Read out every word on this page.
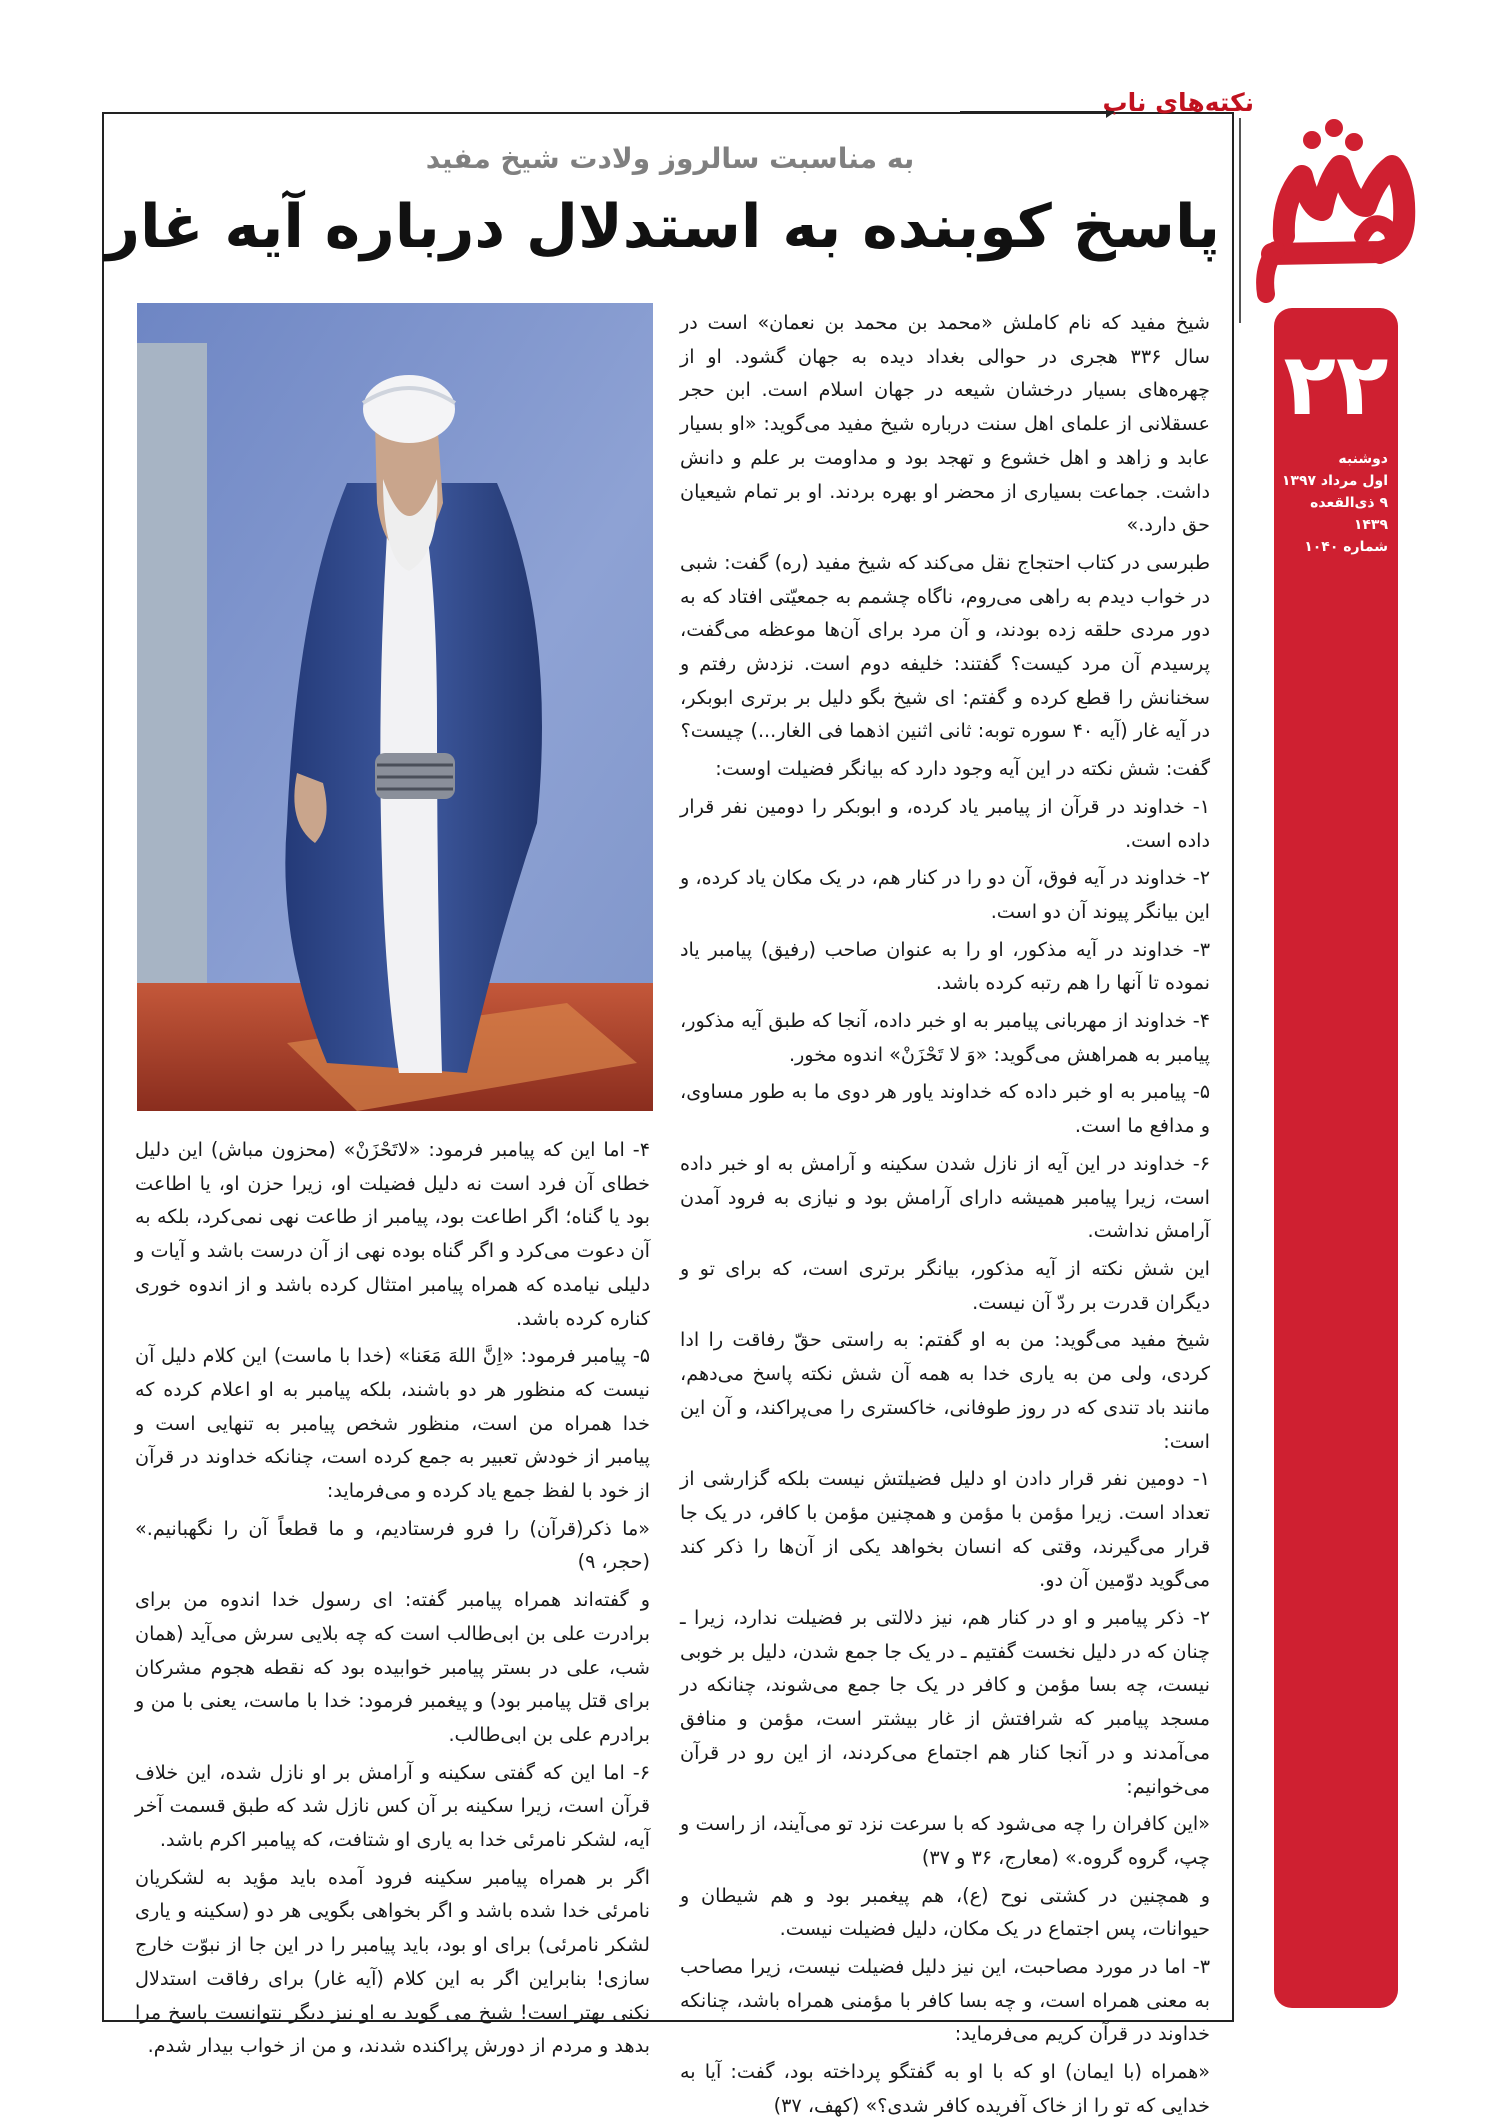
نکته‌های ناب
۲۲
دوشنبه
اول مرداد ۱۳۹۷
۹ ذی‌القعده ۱۴۳۹
شماره ۱۰۴۰
به مناسبت سالروز ولادت شیخ مفید
پاسخ کوبنده به استدلال درباره آیه غار

شیخ مفید که نام کاملش «محمد بن محمد بن نعمان» است در سال ۳۳۶ هجری در حوالی بغداد دیده به جهان گشود. او از چهره‌های بسیار درخشان شیعه در جهان اسلام است. ابن حجر عسقلانی از علمای اهل سنت درباره شیخ مفید می‌گوید: «او بسیار عابد و زاهد و اهل خشوع و تهجد بود و مداومت بر علم و دانش داشت. جماعت بسیاری از محضر او بهره بردند. او بر تمام شیعیان حق دارد.»

طبرسی در کتاب احتجاج نقل می‌کند که شیخ مفید (ره) گفت: شبی در خواب دیدم به راهی می‌روم، ناگاه چشمم به جمعیّتی افتاد که به دور مردی حلقه زده بودند، و آن مرد برای آن‌ها موعظه می‌گفت، پرسیدم آن مرد کیست؟ گفتند: خلیفه دوم است. نزدش رفتم و سخنانش را قطع کرده و گفتم: ای شیخ بگو دلیل بر برتری ابوبکر، در آیه غار (آیه ۴۰ سوره توبه: ثانی اثنین اذهما فی الغار...) چیست؟

گفت: شش نکته در این آیه وجود دارد که بیانگر فضیلت اوست:

۱- خداوند در قرآن از پیامبر یاد کرده، و ابوبکر را دومین نفر قرار داده است.

۲- خداوند در آیه فوق، آن دو را در کنار هم، در یک مکان یاد کرده، و این بیانگر پیوند آن دو است.

۳- خداوند در آیه مذکور، او را به عنوان صاحب (رفیق) پیامبر یاد نموده تا آنها را هم رتبه کرده باشد.

۴- خداوند از مهربانی پیامبر به او خبر داده، آنجا که طبق آیه مذکور، پیامبر به همراهش می‌گوید: «وَ لا تَحْزَنْ» اندوه مخور.

۵- پیامبر به او خبر داده که خداوند یاور هر دوی ما به طور مساوی، و مدافع ما است.

۶- خداوند در این آیه از نازل شدن سکینه و آرامش به او خبر داده است، زیرا پیامبر همیشه دارای آرامش بود و نیازی به فرود آمدن آرامش نداشت.

این شش نکته از آیه مذکور، بیانگر برتری است، که برای تو و دیگران قدرت بر ردّ آن نیست.

شیخ مفید می‌گوید: من به او گفتم: به راستی حقّ رفاقت را ادا کردی، ولی من به یاری خدا به همه آن شش نکته پاسخ می‌دهم، مانند باد تندی که در روز طوفانی، خاکستری را می‌پراکند، و آن این است:

۱- دومین نفر قرار دادن او دلیل فضیلتش نیست بلکه گزارشی از تعداد است. زیرا مؤمن با مؤمن و همچنین مؤمن با کافر، در یک جا قرار می‌گیرند، وقتی که انسان بخواهد یکی از آن‌ها را ذکر کند می‌گوید دوّمین آن دو.

۲- ذکر پیامبر و او در کنار هم، نیز دلالتی بر فضیلت ندارد، زیرا ـ چنان که در دلیل نخست گفتیم ـ در یک جا جمع شدن، دلیل بر خوبی نیست، چه بسا مؤمن و کافر در یک جا جمع می‌شوند، چنانکه در مسجد پیامبر که شرافتش از غار بیشتر است، مؤمن و منافق می‌آمدند و در آنجا کنار هم اجتماع می‌کردند، از این رو در قرآن می‌خوانیم:

«این کافران را چه می‌شود که با سرعت نزد تو می‌آیند، از راست و چپ، گروه گروه.» (معارج، ۳۶ و ۳۷)

و همچنین در کشتی نوح (ع)، هم پیغمبر بود و هم شیطان و حیوانات، پس اجتماع در یک مکان، دلیل فضیلت نیست.

۳- اما در مورد مصاحبت، این نیز دلیل فضیلت نیست، زیرا مصاحب به معنی همراه است، و چه بسا کافر با مؤمنی همراه باشد، چنانکه خداوند در قرآن کریم می‌فرماید:

«همراه (با ایمان) او که با او به گفتگو پرداخته بود، گفت: آیا به خدایی که تو را از خاک آفریده کافر شدی؟» (کهف، ۳۷)

۴- اما این که پیامبر فرمود: «لاتَحْزَنْ» (محزون مباش) این دلیل خطای آن فرد است نه دلیل فضیلت او، زیرا حزن او، یا اطاعت بود یا گناه؛ اگر اطاعت بود، پیامبر از طاعت نهی نمی‌کرد، بلکه به آن دعوت می‌کرد و اگر گناه بوده نهی از آن درست باشد و آیات و دلیلی نیامده که همراه پیامبر امتثال کرده باشد و از اندوه خوری کناره کرده باشد.

۵- پیامبر فرمود: «اِنَّ اللهَ مَعَنا» (خدا با ماست) این کلام دلیل آن نیست که منظور هر دو باشند، بلکه پیامبر به او اعلام کرده که خدا همراه من است، منظور شخص پیامبر به تنهایی است و پیامبر از خودش تعبیر به جمع کرده است، چنانکه خداوند در قرآن از خود با لفظ جمع یاد کرده و می‌فرماید:

«ما ذکر(قرآن) را فرو فرستادیم، و ما قطعاً آن را نگهبانیم.» (حجر، ۹)

و گفته‌اند همراه پیامبر گفته: ای رسول خدا اندوه من برای برادرت علی بن ابی‌طالب است که چه بلایی سرش می‌آید (همان شب، علی در بستر پیامبر خوابیده بود که نقطه هجوم مشرکان برای قتل پیامبر بود) و پیغمبر فرمود: خدا با ماست، یعنی با من و برادرم علی بن ابی‌طالب.

۶- اما این که گفتی سکینه و آرامش بر او نازل شده، این خلاف قرآن است، زیرا سکینه بر آن کس نازل شد که طبق قسمت آخر آیه، لشکر نامرئی خدا به یاری او شتافت، که پیامبر اکرم باشد.

اگر بر همراه پیامبر سکینه فرود آمده باید مؤید به لشکریان نامرئی خدا شده باشد و اگر بخواهی بگویی هر دو (سکینه و یاری لشکر نامرئی) برای او بود، باید پیامبر را در این جا از نبوّت خارج سازی! بنابراین اگر به این کلام (آیه غار) برای رفاقت استدلال نکنی بهتر است! شیخ می گوید به او نیز دیگر نتوانست پاسخ مرا بدهد و مردم از دورش پراکنده شدند، و من از خواب بیدار شدم.
